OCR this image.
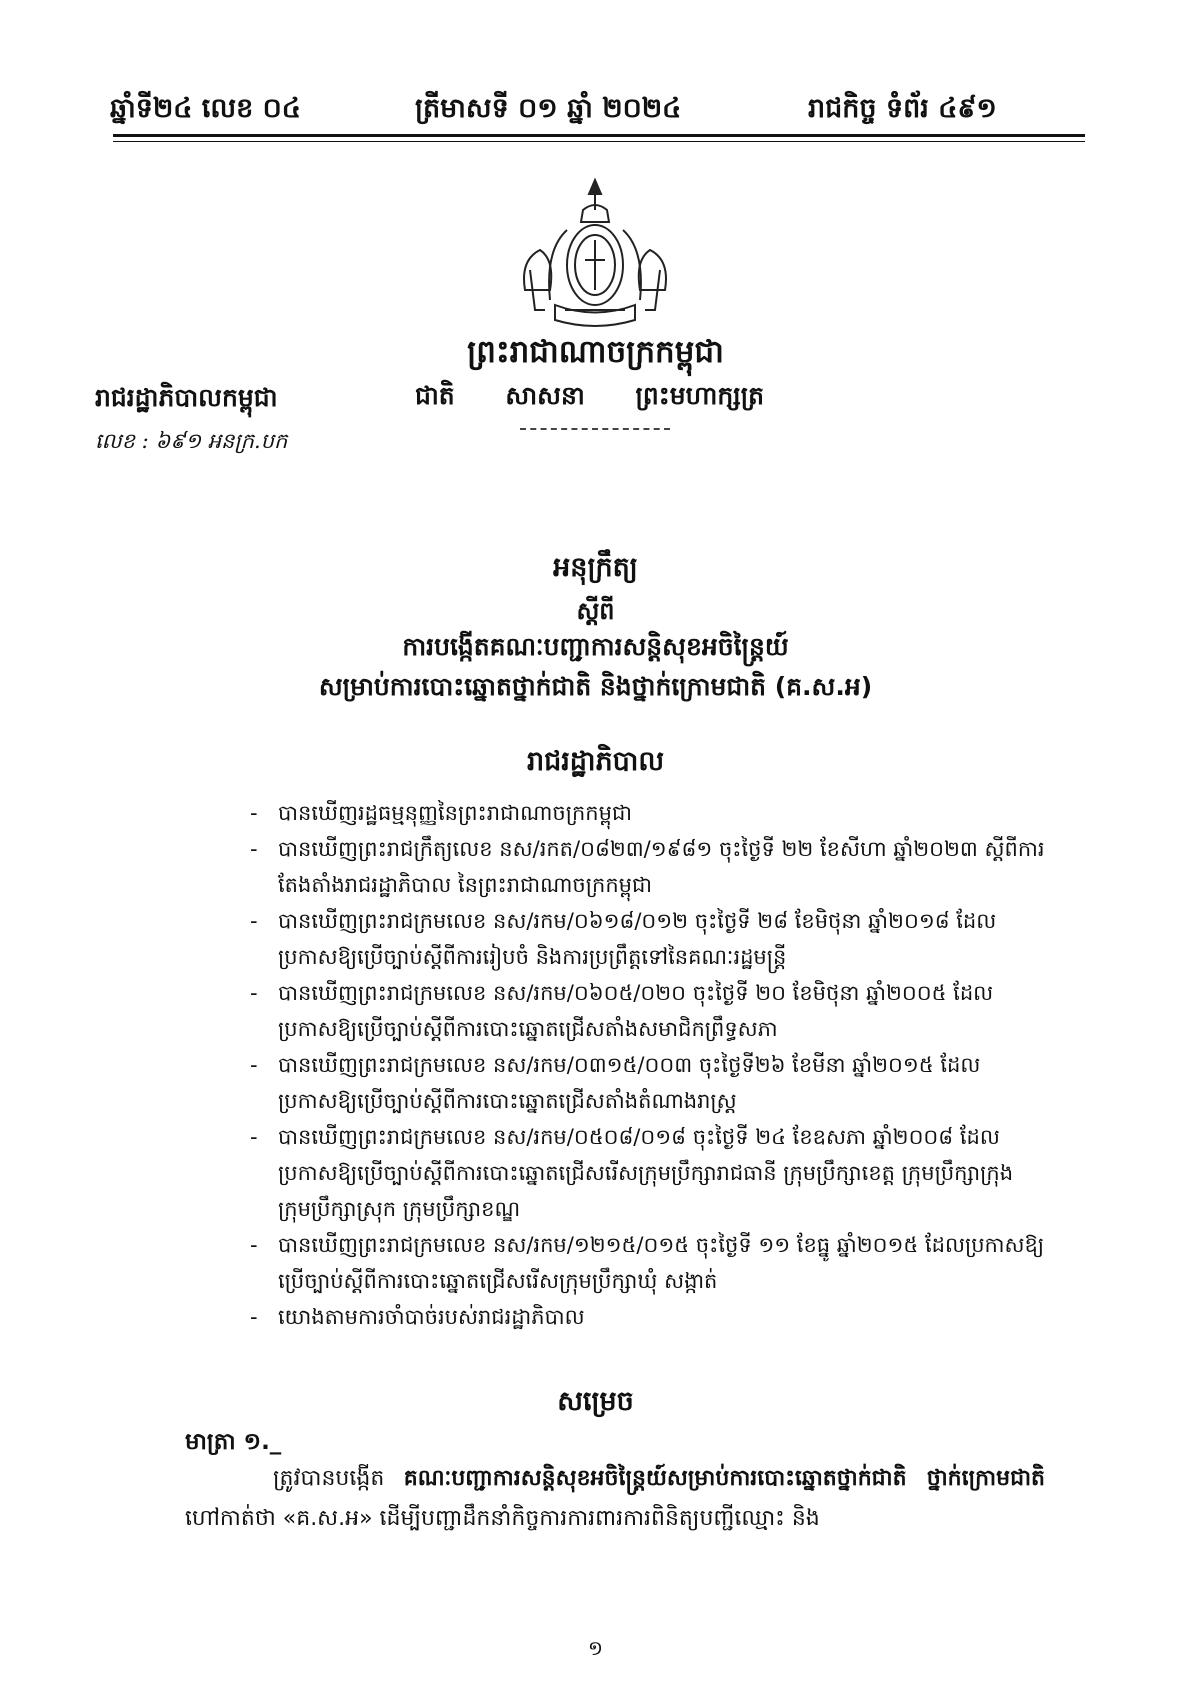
ឆ្នាំទី២៤ លេខ ០៤	ត្រីមាសទី ០១ ឆ្នាំ ២០២៤	រាជកិច្ច ទំព័រ ៤៩១
ព្រះរាជាណាចក្រកម្ពុជា
ជាតិ សាសនា ព្រះមហាក្សត្រ
រាជរដ្ឋាភិបាលកម្ពុជា
លេខ : ៦៩១ អនក្រ.បក
អនុក្រឹត្យ
ស្ដីពី
ការបង្កើតគណៈបញ្ជាការសន្តិសុខអចិន្ត្រៃយ៍
សម្រាប់ការបោះឆ្នោតថ្នាក់ជាតិ និងថ្នាក់ក្រោមជាតិ (គ.ស.អ)
រាជរដ្ឋាភិបាល
- បានឃើញរដ្ឋធម្មនុញ្ញនៃព្រះរាជាណាចក្រកម្ពុជា
- បានឃើញព្រះរាជក្រឹត្យលេខ នស/រកត/០៨២៣/១៩៨១ ចុះថ្ងៃទី ២២ ខែសីហា ឆ្នាំ២០២៣ ស្ដីពីការតែងតាំងរាជរដ្ឋាភិបាល នៃព្រះរាជាណាចក្រកម្ពុជា
- បានឃើញព្រះរាជក្រមលេខ នស/រកម/០៦១៨/០១២ ចុះថ្ងៃទី ២៨ ខែមិថុនា ឆ្នាំ២០១៨ ដែលប្រកាសឱ្យប្រើច្បាប់ស្ដីពីការរៀបចំ និងការប្រព្រឹត្តទៅនៃគណៈរដ្ឋមន្ត្រី
- បានឃើញព្រះរាជក្រមលេខ នស/រកម/០៦០៥/០២០ ចុះថ្ងៃទី ២០ ខែមិថុនា ឆ្នាំ២០០៥ ដែលប្រកាសឱ្យប្រើច្បាប់ស្ដីពីការបោះឆ្នោតជ្រើសតាំងសមាជិកព្រឹទ្ធសភា
- បានឃើញព្រះរាជក្រមលេខ នស/រកម/០៣១៥/០០៣ ចុះថ្ងៃទី២៦ ខែមីនា ឆ្នាំ២០១៥ ដែលប្រកាសឱ្យប្រើច្បាប់ស្ដីពីការបោះឆ្នោតជ្រើសតាំងតំណាងរាស្ត្រ
- បានឃើញព្រះរាជក្រមលេខ នស/រកម/០៥០៨/០១៨ ចុះថ្ងៃទី ២៤ ខែឧសភា ឆ្នាំ២០០៨ ដែលប្រកាសឱ្យប្រើច្បាប់ស្ដីពីការបោះឆ្នោតជ្រើសរើសក្រុមប្រឹក្សារាជធានី ក្រុមប្រឹក្សាខេត្ត ក្រុមប្រឹក្សាក្រុង ក្រុមប្រឹក្សាស្រុក ក្រុមប្រឹក្សាខណ្ឌ
- បានឃើញព្រះរាជក្រមលេខ នស/រកម/១២១៥/០១៥ ចុះថ្ងៃទី ១១ ខែធ្នូ ឆ្នាំ២០១៥ ដែលប្រកាសឱ្យប្រើច្បាប់ស្ដីពីការបោះឆ្នោតជ្រើសរើសក្រុមប្រឹក្សាឃុំ សង្កាត់
- យោងតាមការចាំបាច់របស់រាជរដ្ឋាភិបាល
សម្រេច
មាត្រា ១._
ត្រូវបានបង្កើត គណៈបញ្ជាការសន្តិសុខអចិន្ត្រៃយ៍សម្រាប់ការបោះឆ្នោតថ្នាក់ជាតិ ថ្នាក់ក្រោមជាតិ ហៅកាត់ថា «គ.ស.អ» ដើម្បីបញ្ជាដឹកនាំកិច្ចការការពារការពិនិត្យបញ្ជីឈ្មោះ និង
១
